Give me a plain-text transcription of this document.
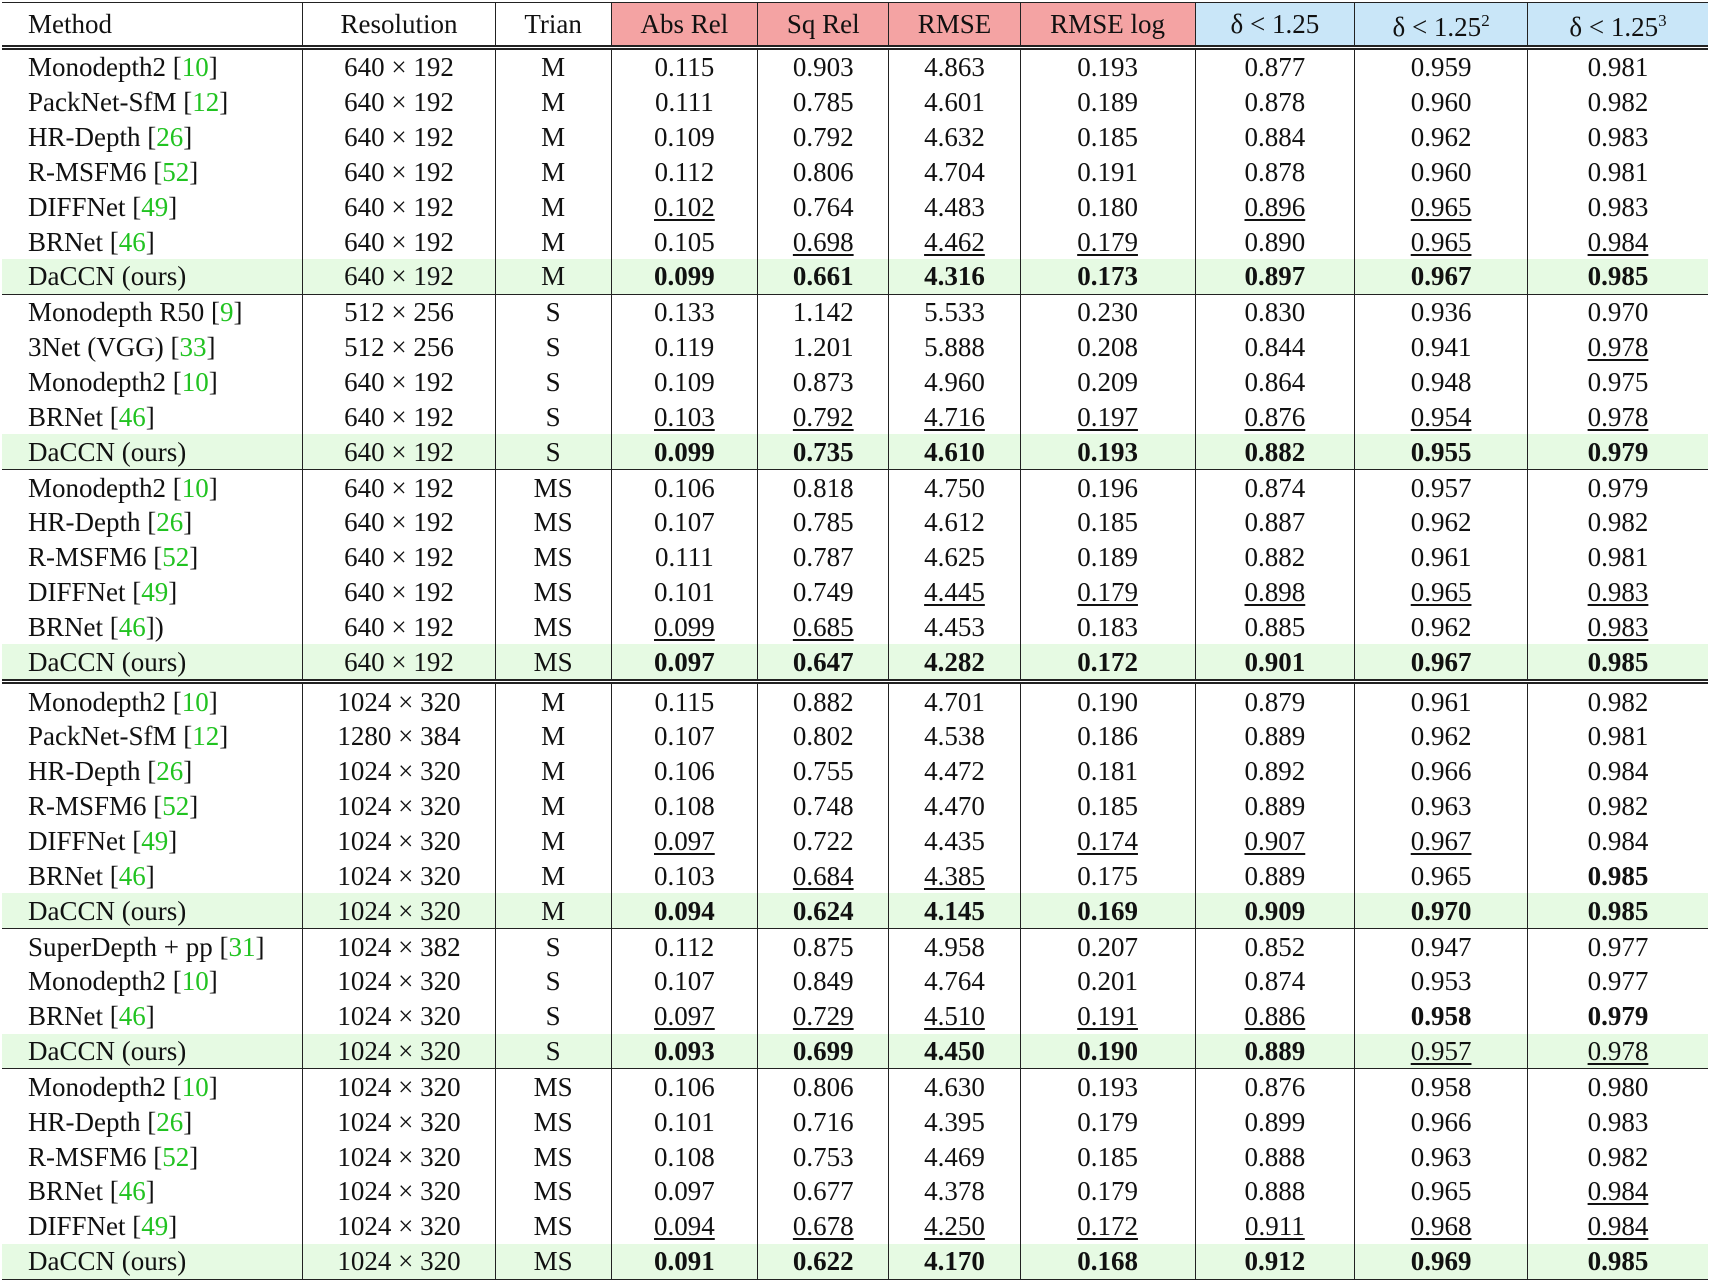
Method	Resolution	Trian	Abs Rel	Sq Rel	RMSE	RMSE log	δ < 1.25	$\delta < 1.25^2$	$\delta < 1.25^3$
Monodepth2 [10]	640 × 192	M	0.115	0.903	4.863	0.193	0.877	0.959	0.981
PackNet-SfM [12]	640 × 192	M	0.111	0.785	4.601	0.189	0.878	0.960	0.982
HR-Depth [26]	640 × 192	M	0.109	0.792	4.632	0.185	0.884	0.962	0.983
R-MSFM6 [52]	640 × 192	M	0.112	0.806	4.704	0.191	0.878	0.960	0.981
DIFFNet [49]	640 × 192	M	0.102	0.764	4.483	0.180	0.896	0.965	0.983
BRNet [46]	640 × 192	M	0.105	0.698	4.462	0.179	0.890	0.965	0.984
DaCCN (ours)	640 × 192	M	0.099	0.661	4.316	0.173	0.897	0.967	0.985
Monodepth R50 [9]	512 × 256	S	0.133	1.142	5.533	0.230	0.830	0.936	0.970
3Net (VGG) [33]	512 × 256	S	0.119	1.201	5.888	0.208	0.844	0.941	0.978
Monodepth2 [10]	640 × 192	S	0.109	0.873	4.960	0.209	0.864	0.948	0.975
BRNet [46]	640 × 192	S	0.103	0.792	4.716	0.197	0.876	0.954	0.978
DaCCN (ours)	640 × 192	S	0.099	0.735	4.610	0.193	0.882	0.955	0.979
Monodepth2 [10]	640 × 192	MS	0.106	0.818	4.750	0.196	0.874	0.957	0.979
HR-Depth [26]	640 × 192	MS	0.107	0.785	4.612	0.185	0.887	0.962	0.982
R-MSFM6 [52]	640 × 192	MS	0.111	0.787	4.625	0.189	0.882	0.961	0.981
DIFFNet [49]	640 × 192	MS	0.101	0.749	4.445	0.179	0.898	0.965	0.983
BRNet [46])	640 × 192	MS	0.099	0.685	4.453	0.183	0.885	0.962	0.983
DaCCN (ours)	640 × 192	MS	0.097	0.647	4.282	0.172	0.901	0.967	0.985
Monodepth2 [10]	1024 × 320	M	0.115	0.882	4.701	0.190	0.879	0.961	0.982
PackNet-SfM [12]	1280 × 384	M	0.107	0.802	4.538	0.186	0.889	0.962	0.981
HR-Depth [26]	1024 × 320	M	0.106	0.755	4.472	0.181	0.892	0.966	0.984
R-MSFM6 [52]	1024 × 320	M	0.108	0.748	4.470	0.185	0.889	0.963	0.982
DIFFNet [49]	1024 × 320	M	0.097	0.722	4.435	0.174	0.907	0.967	0.984
BRNet [46]	1024 × 320	M	0.103	0.684	4.385	0.175	0.889	0.965	0.985
DaCCN (ours)	1024 × 320	M	0.094	0.624	4.145	0.169	0.909	0.970	0.985
SuperDepth + pp [31]	1024 × 382	S	0.112	0.875	4.958	0.207	0.852	0.947	0.977
Monodepth2 [10]	1024 × 320	S	0.107	0.849	4.764	0.201	0.874	0.953	0.977
BRNet [46]	1024 × 320	S	0.097	0.729	4.510	0.191	0.886	0.958	0.979
DaCCN (ours)	1024 × 320	S	0.093	0.699	4.450	0.190	0.889	0.957	0.978
Monodepth2 [10]	1024 × 320	MS	0.106	0.806	4.630	0.193	0.876	0.958	0.980
HR-Depth [26]	1024 × 320	MS	0.101	0.716	4.395	0.179	0.899	0.966	0.983
R-MSFM6 [52]	1024 × 320	MS	0.108	0.753	4.469	0.185	0.888	0.963	0.982
BRNet [46]	1024 × 320	MS	0.097	0.677	4.378	0.179	0.888	0.965	0.984
DIFFNet [49]	1024 × 320	MS	0.094	0.678	4.250	0.172	0.911	0.968	0.984
DaCCN (ours)	1024 × 320	MS	0.091	0.622	4.170	0.168	0.912	0.969	0.985
